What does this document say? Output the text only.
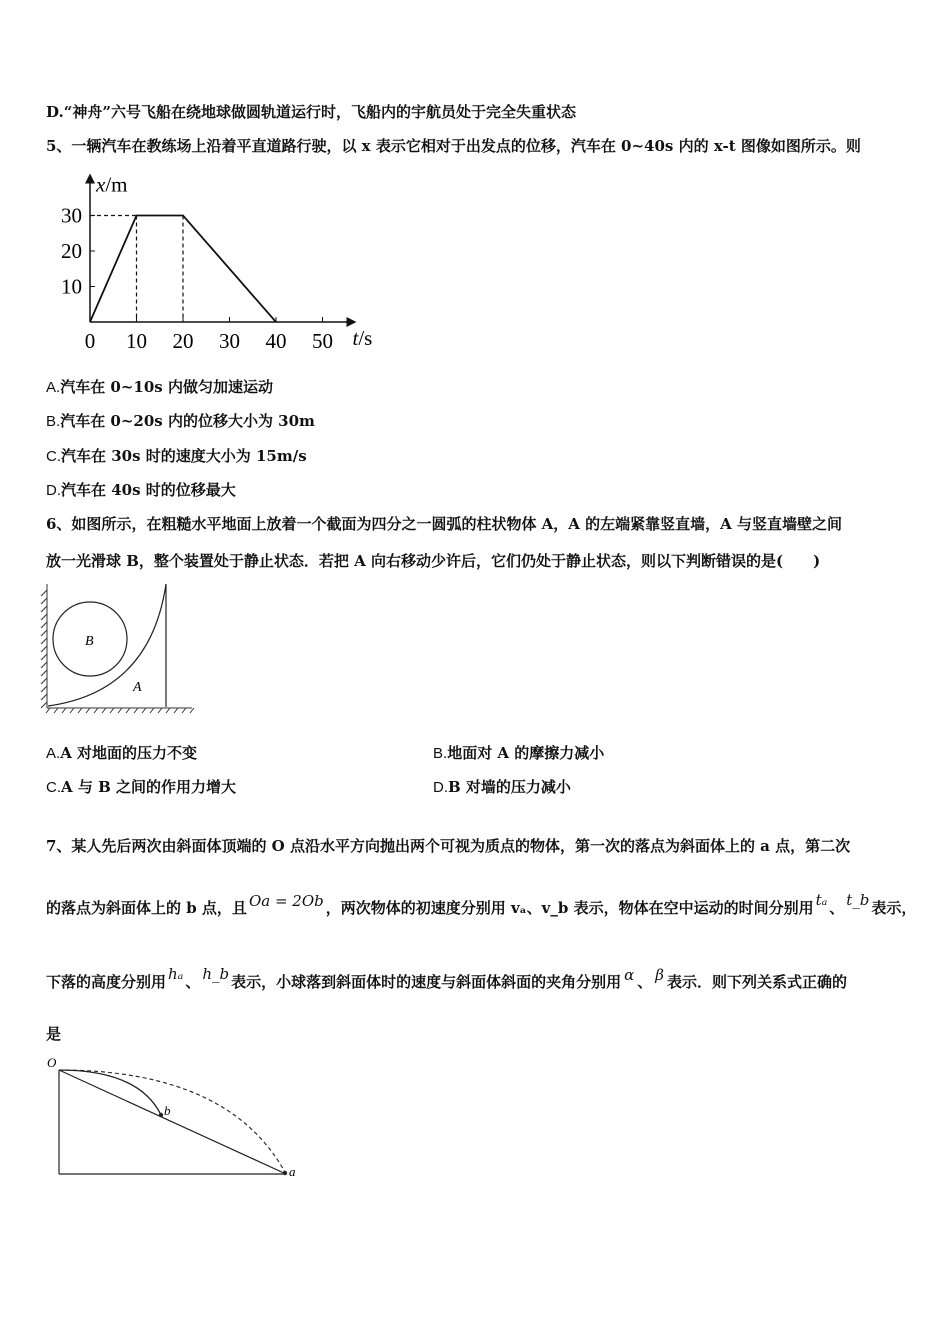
D.“神舟”六号飞船在绕地球做圆轨道运行时，飞船内的宇航员处于完全失重状态
5、一辆汽车在教练场上沿着平直道路行驶，以 x 表示它相对于出发点的位移，汽车在 0~40s 内的 x-t 图像如图所示。则
0 10 20 30 40 50
10
20
30
x/m
t/s
A.汽车在 0~10s 内做匀加速运动
B.汽车在 0~20s 内的位移大小为 30m
C.汽车在 30s 时的速度大小为 15m/s
D.汽车在 40s 时的位移最大
6、如图所示，在粗糙水平地面上放着一个截面为四分之一圆弧的柱状物体 A，A 的左端紧靠竖直墙，A 与竖直墙壁之间
放一光滑球 B，整个装置处于静止状态．若把 A 向右移动少许后，它们仍处于静止状态，则以下判断错误的是(　　)
B
A
A.A 对地面的压力不变	B.地面对 A 的摩擦力减小
C.A 与 B 之间的作用力增大	D.B 对墙的压力减小
7、某人先后两次由斜面体顶端的 O 点沿水平方向抛出两个可视为质点的物体，第一次的落点为斜面体上的 a 点，第二次
的落点为斜面体上的 b 点，且 Oa = 2Ob ，两次物体的初速度分别用 vₐ、v_b 表示，物体在空中运动的时间分别用 tₐ 、 t_b 表示，
下落的高度分别用 hₐ 、 h_b 表示，小球落到斜面体时的速度与斜面体斜面的夹角分别用 α 、 β 表示．则下列关系式正确的
是
O
b
a
